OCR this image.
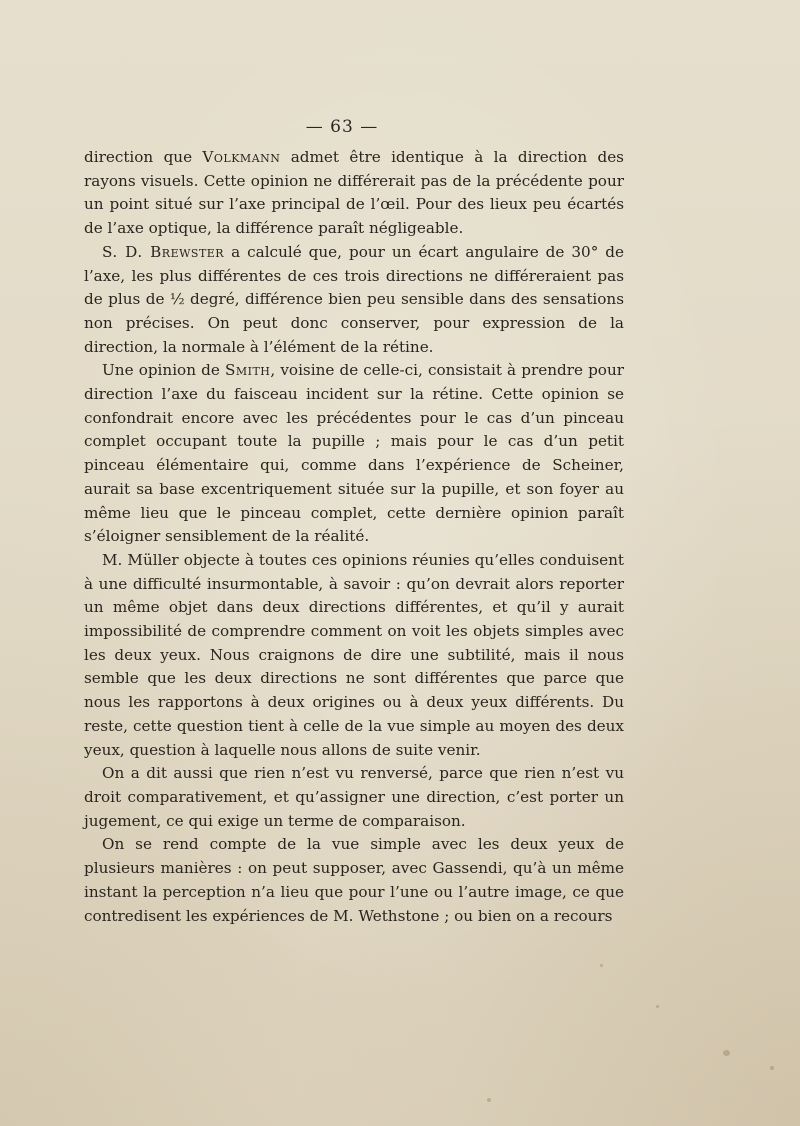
— 63 —

direction que Volkmann admet être identique à la direction des rayons visuels. Cette opinion ne différerait pas de la précédente pour un point situé sur l’axe principal de l’œil. Pour des lieux peu écartés de l’axe optique, la différence paraît négligeable.

S. D. Brewster a calculé que, pour un écart angulaire de 30° de l’axe, les plus différentes de ces trois directions ne différeraient pas de plus de ½ degré, différence bien peu sensible dans des sensations non précises. On peut donc conserver, pour expression de la direction, la normale à l’élément de la rétine.

Une opinion de Smith, voisine de celle-ci, consistait à prendre pour direction l’axe du faisceau incident sur la rétine. Cette opinion se confondrait encore avec les précédentes pour le cas d’un pinceau complet occupant toute la pupille ; mais pour le cas d’un petit pinceau élémentaire qui, comme dans l’expérience de Scheiner, aurait sa base excentriquement située sur la pupille, et son foyer au même lieu que le pinceau complet, cette dernière opinion paraît s’éloigner sensiblement de la réalité.

M. Müller objecte à toutes ces opinions réunies qu’elles conduisent à une difficulté insurmontable, à savoir : qu’on devrait alors reporter un même objet dans deux directions différentes, et qu’il y aurait impossibilité de comprendre comment on voit les objets simples avec les deux yeux. Nous craignons de dire une subtilité, mais il nous semble que les deux directions ne sont différentes que parce que nous les rapportons à deux origines ou à deux yeux différents. Du reste, cette question tient à celle de la vue simple au moyen des deux yeux, question à laquelle nous allons de suite venir.

On a dit aussi que rien n’est vu renversé, parce que rien n’est vu droit comparativement, et qu’assigner une direction, c’est porter un jugement, ce qui exige un terme de comparaison.

On se rend compte de la vue simple avec les deux yeux de plusieurs manières : on peut supposer, avec Gassendi, qu’à un même instant la perception n’a lieu que pour l’une ou l’autre image, ce que contredisent les expériences de M. Wethstone ; ou bien on a recours
